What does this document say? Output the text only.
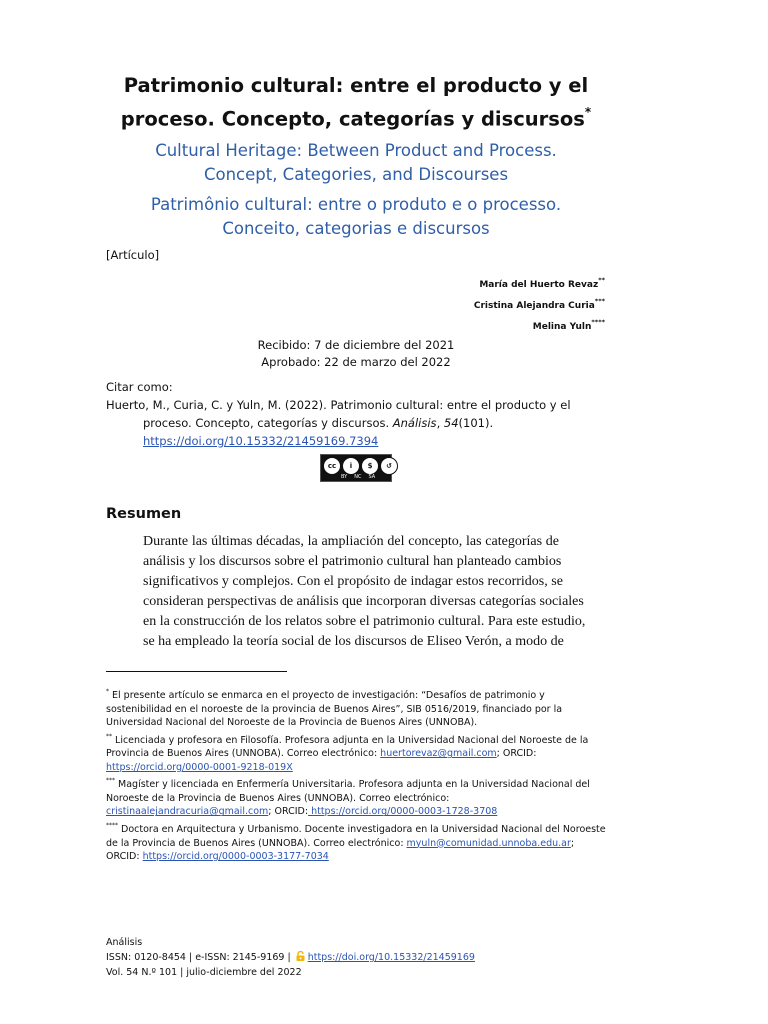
Patrimonio cultural: entre el producto y el
proceso. Concepto, categorías y discursos*
Cultural Heritage: Between Product and Process.
Concept, Categories, and Discourses
Patrimônio cultural: entre o produto e o processo.
Conceito, categorias e discursos
[Artículo]
María del Huerto Revaz**
Cristina Alejandra Curia***
Melina Yuln****
Recibido: 7 de diciembre del 2021
Aprobado: 22 de marzo del 2022
Citar como:
Huerto, M., Curia, C. y Yuln, M. (2022). Patrimonio cultural: entre el producto y el
proceso. Concepto, categorías y discursos. Análisis, 54(101).
https://doi.org/10.15332/21459169.7394
cc	i	$	↺
BY NC SA
Resumen
Durante las últimas décadas, la ampliación del concepto, las categorías de
análisis y los discursos sobre el patrimonio cultural han planteado cambios
significativos y complejos. Con el propósito de indagar estos recorridos, se
consideran perspectivas de análisis que incorporan diversas categorías sociales
en la construcción de los relatos sobre el patrimonio cultural. Para este estudio,
se ha empleado la teoría social de los discursos de Eliseo Verón, a modo de
* El presente artículo se enmarca en el proyecto de investigación: “Desafíos de patrimonio y sostenibilidad en el noroeste de la provincia de Buenos Aires”, SIB 0516/2019, financiado por la Universidad Nacional del Noroeste de la Provincia de Buenos Aires (UNNOBA).
** Licenciada y profesora en Filosofía. Profesora adjunta en la Universidad Nacional del Noroeste de la Provincia de Buenos Aires (UNNOBA). Correo electrónico: huertorevaz@gmail.com; ORCID: https://orcid.org/0000-0001-9218-019X
*** Magíster y licenciada en Enfermería Universitaria. Profesora adjunta en la Universidad Nacional del Noroeste de la Provincia de Buenos Aires (UNNOBA). Correo electrónico: cristinaalejandracuria@gmail.com; ORCID: https://orcid.org/0000-0003-1728-3708
**** Doctora en Arquitectura y Urbanismo. Docente investigadora en la Universidad Nacional del Noroeste de la Provincia de Buenos Aires (UNNOBA). Correo electrónico: myuln@comunidad.unnoba.edu.ar; ORCID: https://orcid.org/0000-0003-3177-7034
Análisis
ISSN: 0120-8454 | e-ISSN: 2145-9169 | https://doi.org/10.15332/21459169
Vol. 54 N.º 101 | julio-diciembre del 2022
